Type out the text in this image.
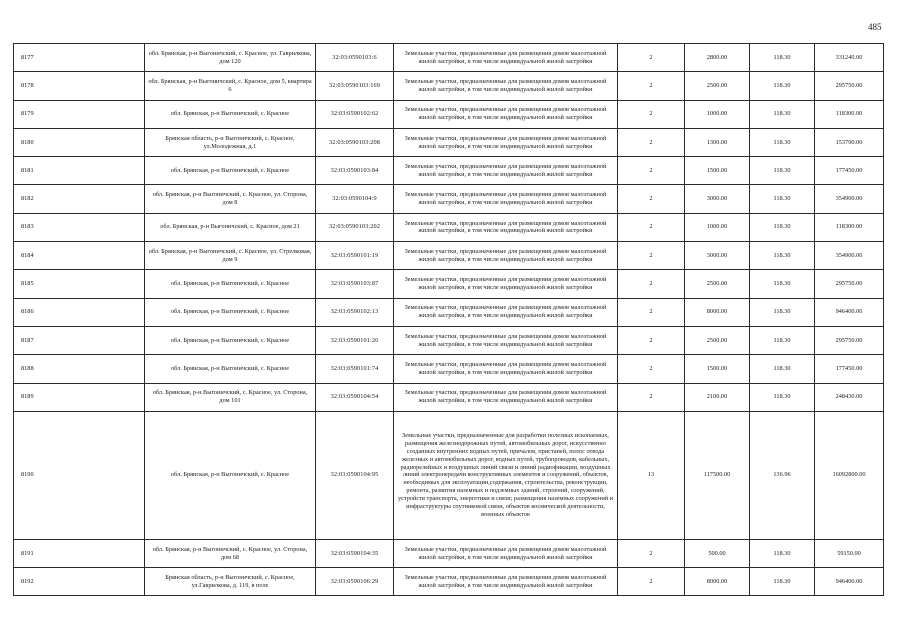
485
8177	обл. Брянская, р-н Выгоничский, с. Красное, ул. Гаврилкова, дом 120	32:03:0590103:6	Земельные участки, предназначенные для размещения домов малоэтажной жилой застройки, в том числе индивидуальной жилой застройки	2	2800.00	118.30	331240.00
8178	обл. Брянская, р-н Выгоничский, с. Красное, дом 5, квартира 6	32:03:0590103:169	Земельные участки, предназначенные для размещения домов малоэтажной жилой застройки, в том числе индивидуальной жилой застройки	2	2500.00	118.30	295750.00
8179	обл. Брянская, р-н Выгоничский, с. Красное	32:03:0590102:62	Земельные участки, предназначенные для размещения домов малоэтажной жилой застройки, в том числе индивидуальной жилой застройки	2	1000.00	118.30	118300.00
8180	Брянская область, р-н Выгоничский, с. Красное, ул.Молодежная, д.1	32:03:0590103:208	Земельные участки, предназначенные для размещения домов малоэтажной жилой застройки, в том числе индивидуальной жилой застройки	2	1300.00	118.30	153790.00
8181	обл. Брянская, р-н Выгоничский, с. Красное	32:03:0590103:84	Земельные участки, предназначенные для размещения домов малоэтажной жилой застройки, в том числе индивидуальной жилой застройки	2	1500.00	118.30	177450.00
8182	обл. Брянская, р-н Выгоничский, с. Красное, ул. Сторона, дом 8	32:03:0590104:9	Земельные участки, предназначенные для размещения домов малоэтажной жилой застройки, в том числе индивидуальной жилой застройки	2	3000.00	118.30	354900.00
8183	обл. Брянская, р-н Выгоничский, с. Красное, дом 21	32:03:0590103:202	Земельные участки, предназначенные для размещения домов малоэтажной жилой застройки, в том числе индивидуальной жилой застройки	2	1000.00	118.30	118300.00
8184	обл. Брянская, р-н Выгоничский, с. Красное, ул. Стрелковая, дом 9	32:03:0590101:19	Земельные участки, предназначенные для размещения домов малоэтажной жилой застройки, в том числе индивидуальной жилой застройки	2	3000.00	118.30	354900.00
8185	обл. Брянская, р-н Выгоничский, с. Красное	32:03:0590103:87	Земельные участки, предназначенные для размещения домов малоэтажной жилой застройки, в том числе индивидуальной жилой застройки	2	2500.00	118.30	295750.00
8186	обл. Брянская, р-н Выгоничский, с. Красное	32:03:0590102:13	Земельные участки, предназначенные для размещения домов малоэтажной жилой застройки, в том числе индивидуальной жилой застройки	2	8000.00	118.30	946400.00
8187	обл. Брянская, р-н Выгоничский, с. Красное	32:03:0590101:26	Земельные участки, предназначенные для размещения домов малоэтажной жилой застройки, в том числе индивидуальной жилой застройки	2	2500.00	118.30	295750.00
8188	обл. Брянская, р-н Выгоничский, с. Красное	32:03:0590101:74	Земельные участки, предназначенные для размещения домов малоэтажной жилой застройки, в том числе индивидуальной жилой застройки	2	1500.00	118.30	177450.00
8189	обл. Брянская, р-н Выгоничский, с. Красное, ул. Сторона, дом 101	32:03:0590104:54	Земельные участки, предназначенные для размещения домов малоэтажной жилой застройки, в том числе индивидуальной жилой застройки	2	2100.00	118.30	248430.00
8190	обл. Брянская, р-н Выгоничский, с. Красное	32:03:0590104:95	Земельные участки, предназначенные для разработки полезных ископаемых, размещения железнодорожных путей, автомобильных дорог, искусственно созданных внутренних водных путей, причалов, пристаней, полос отвода железных и автомобильных дорог, водных путей, трубопроводов, кабельных, радиорелейных и воздушных линий связи и линий радиофикации, воздушных линий электропередачи конструктивных элементов и сооружений, объектов, необходимых для эксплуатации,содержания, строительства, реконструкции, ремонта, развития наземных и подземных зданий, строений, сооружений, устройств транспорта, энергетики и связи; размещения наземных сооружений и инфраструктуры спутниковой связи, объектов космической деятельности, военных объектов	13	117500.00	136.96	16092800.00
8191	обл. Брянская, р-н Выгоничский, с. Красное, ул. Сторона, дом 68	32:03:0590104:35	Земельные участки, предназначенные для размещения домов малоэтажной жилой застройки, в том числе индивидуальной жилой застройки	2	500.00	118.30	59150.00
8192	Брянская область, р-н Выгоничский, с. Красное, ул.Гаврилкова, д. 119, в поле	32:03:0590106:29	Земельные участки, предназначенные для размещения домов малоэтажной жилой застройки, в том числе индивидуальной жилой застройки	2	8000.00	118.30	946400.00
